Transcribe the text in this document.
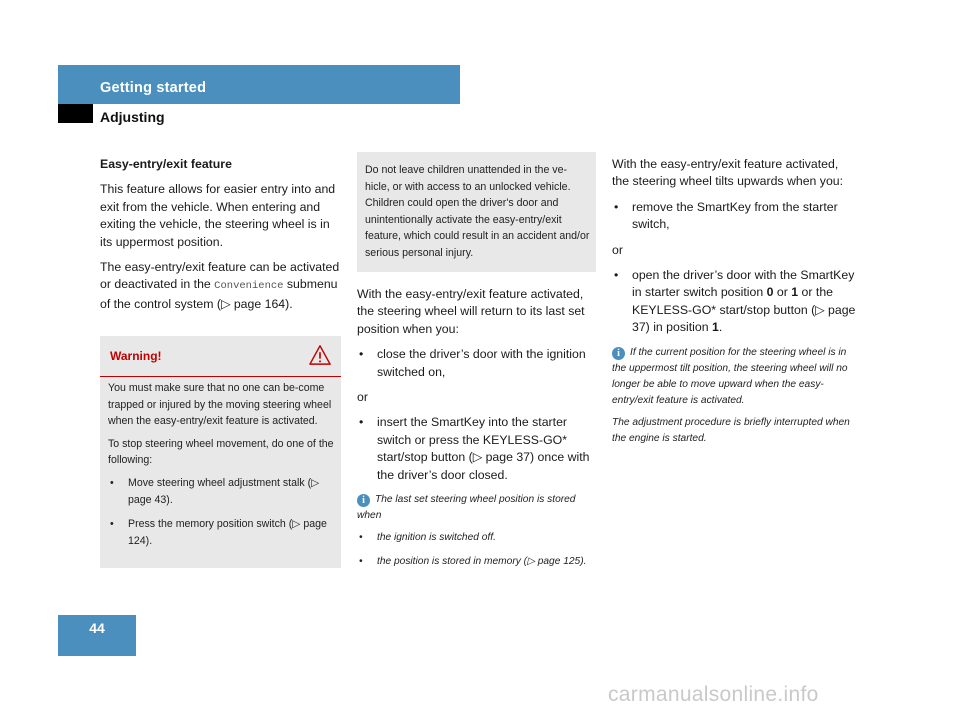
Getting started
Adjusting

Easy-entry/exit feature

This feature allows for easier entry into and exit from the vehicle. When entering and exiting the vehicle, the steering wheel is in its uppermost position.

The easy-entry/exit feature can be activated or deactivated in the Convenience submenu of the control system (▷ page 164).

Warning!

You must make sure that no one can be-come trapped or injured by the moving steering wheel when the easy-entry/exit feature is activated.

To stop steering wheel movement, do one of the following:

• Move steering wheel adjustment stalk (▷ page 43).
• Press the memory position switch (▷ page 124).
Do not leave children unattended in the ve-hicle, or with access to an unlocked vehicle. Children could open the driver's door and unintentionally activate the easy-entry/exit feature, which could result in an accident and/or serious personal injury.

With the easy-entry/exit feature activated, the steering wheel will return to its last set position when you:

• close the driver’s door with the ignition switched on,

or

• insert the SmartKey into the starter switch or press the KEYLESS-GO* start/stop button (▷ page 37) once with the driver’s door closed.

i The last set steering wheel position is stored when

• the ignition is switched off.
• the position is stored in memory (▷ page 125).

With the easy-entry/exit feature activated, the steering wheel tilts upwards when you:

• remove the SmartKey from the starter switch,

or

• open the driver’s door with the SmartKey in starter switch position 0 or 1 or the KEYLESS-GO* start/stop button (▷ page 37) in position 1.

i If the current position for the steering wheel is in the uppermost tilt position, the steering wheel will no longer be able to move upward when the easy-entry/exit feature is activated.

The adjustment procedure is briefly interrupted when the engine is started.

44
carmanualsonline.info
